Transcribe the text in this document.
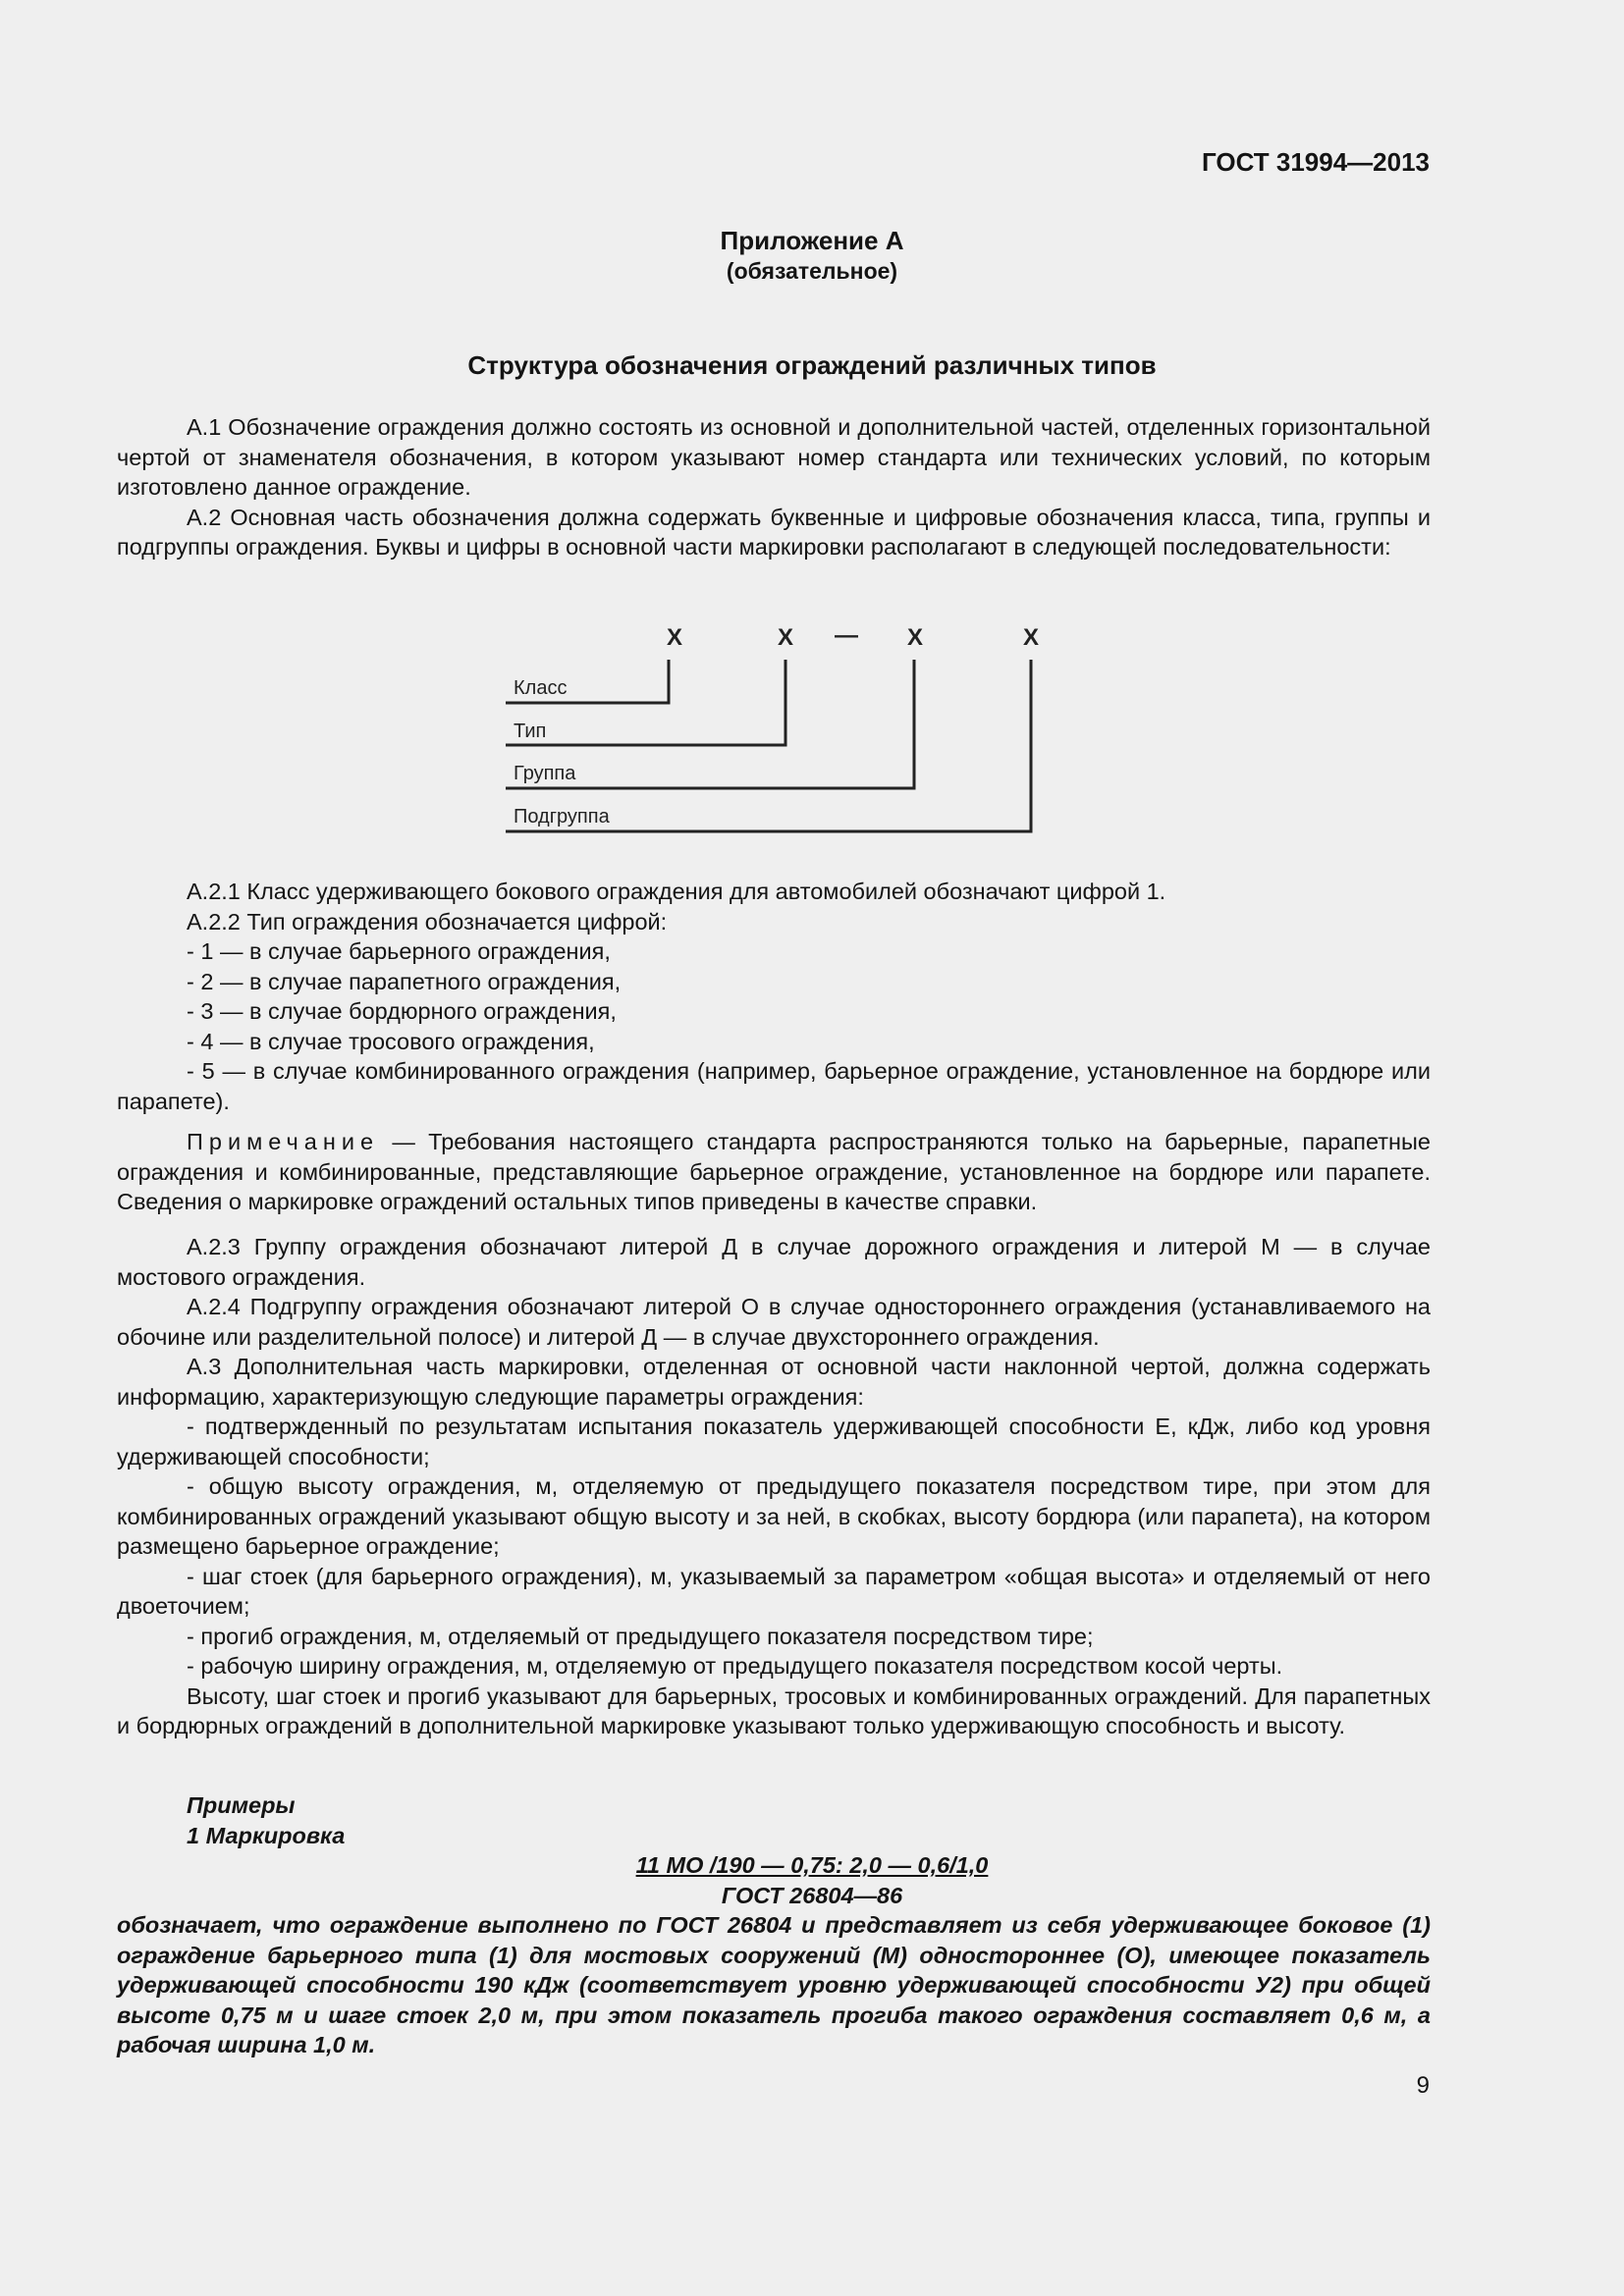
ГОСТ 31994—2013
Приложение А
(обязательное)
Структура обозначения ограждений различных типов

А.1 Обозначение ограждения должно состоять из основной и дополнительной частей, отделенных горизонтальной чертой от знаменателя обозначения, в котором указывают номер стандарта или технических условий, по которым изготовлено данное ограждение.

А.2 Основная часть обозначения должна содержать буквенные и цифровые обозначения класса, типа, группы и подгруппы ограждения. Буквы и цифры в основной части маркировки располагают в следующей последовательности:

X	X — X	X
Класс
Тип
Группа
Подгруппа

А.2.1 Класс удерживающего бокового ограждения для автомобилей обозначают цифрой 1.

А.2.2 Тип ограждения обозначается цифрой:

- 1 — в случае барьерного ограждения,

- 2 — в случае парапетного ограждения,

- 3 — в случае бордюрного ограждения,

- 4 — в случае тросового ограждения,

- 5 — в случае комбинированного ограждения (например, барьерное ограждение, установленное на бордюре или парапете).

Примечание — Требования настоящего стандарта распространяются только на барьерные, парапетные ограждения и комбинированные, представляющие барьерное ограждение, установленное на бордюре или парапете. Сведения о маркировке ограждений остальных типов приведены в качестве справки.

А.2.3 Группу ограждения обозначают литерой Д в случае дорожного ограждения и литерой М — в случае мостового ограждения.

А.2.4 Подгруппу ограждения обозначают литерой О в случае одностороннего ограждения (устанавливаемого на обочине или разделительной полосе) и литерой Д — в случае двухстороннего ограждения.

А.3 Дополнительная часть маркировки, отделенная от основной части наклонной чертой, должна содержать информацию, характеризующую следующие параметры ограждения:

- подтвержденный по результатам испытания показатель удерживающей способности Е, кДж, либо код уровня удерживающей способности;

- общую высоту ограждения, м, отделяемую от предыдущего показателя посредством тире, при этом для комбинированных ограждений указывают общую высоту и за ней, в скобках, высоту бордюра (или парапета), на котором размещено барьерное ограждение;

- шаг стоек (для барьерного ограждения), м, указываемый за параметром «общая высота» и отделяемый от него двоеточием;

- прогиб ограждения, м, отделяемый от предыдущего показателя посредством тире;

- рабочую ширину ограждения, м, отделяемую от предыдущего показателя посредством косой черты.

Высоту, шаг стоек и прогиб указывают для барьерных, тросовых и комбинированных ограждений. Для парапетных и бордюрных ограждений в дополнительной маркировке указывают только удерживающую способность и высоту.

Примеры
1 Маркировка
11 МО /190 — 0,75: 2,0 — 0,6/1,0
ГОСТ 26804—86
обозначает, что ограждение выполнено по ГОСТ 26804 и представляет из себя удерживающее боковое (1) ограждение барьерного типа (1) для мостовых сооружений (М) одностороннее (О), имеющее показатель удерживающей способности 190 кДж (соответствует уровню удерживающей способности У2) при общей высоте 0,75 м и шаге стоек 2,0 м, при этом показатель прогиба такого ограждения составляет 0,6 м, а рабочая ширина 1,0 м.
9
